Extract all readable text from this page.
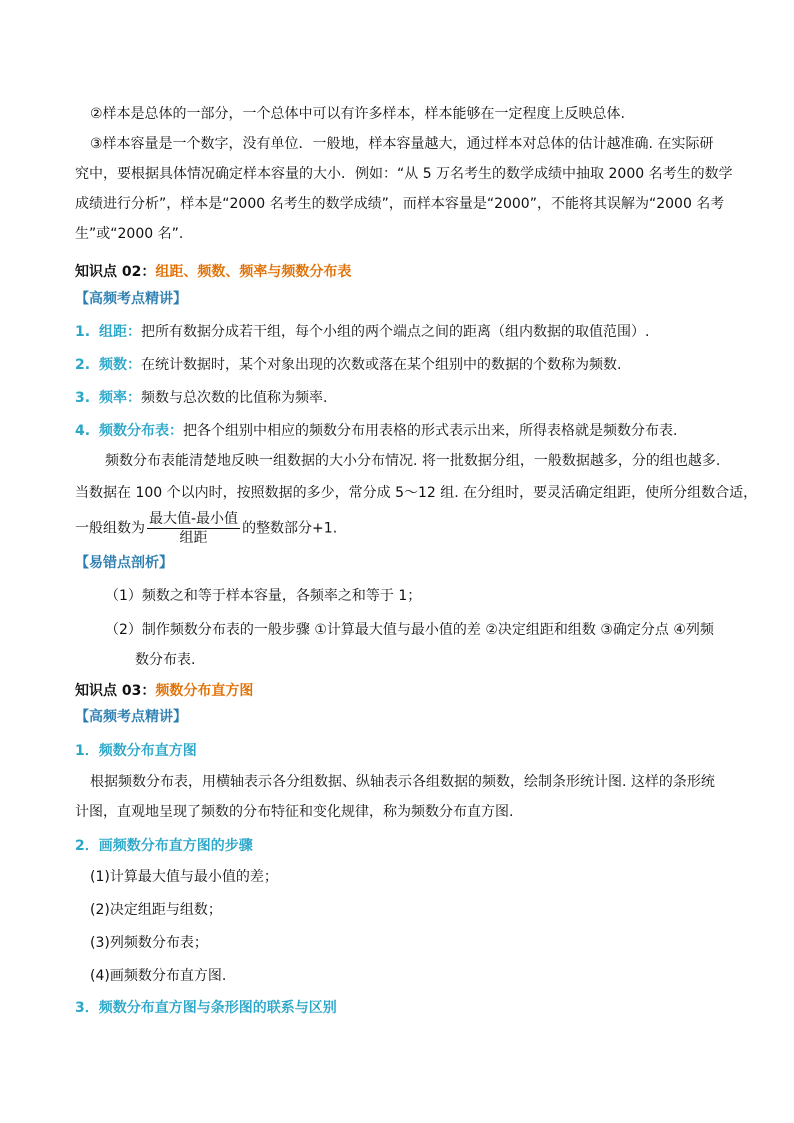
②样本是总体的一部分，一个总体中可以有许多样本，样本能够在一定程度上反映总体.
③样本容量是一个数字，没有单位．一般地，样本容量越大，通过样本对总体的估计越准确. 在实际研
究中，要根据具体情况确定样本容量的大小．例如：“从 5 万名考生的数学成绩中抽取 2000 名考生的数学
成绩进行分析”，样本是“2000 名考生的数学成绩”，而样本容量是“2000”，不能将其误解为“2000 名考
生”或“2000 名”.
知识点 02：组距、频数、频率与频数分布表
【高频考点精讲】
1. 组距：把所有数据分成若干组，每个小组的两个端点之间的距离（组内数据的取值范围）.
2. 频数：在统计数据时，某个对象出现的次数或落在某个组别中的数据的个数称为频数.
3. 频率：频数与总次数的比值称为频率.
4. 频数分布表：把各个组别中相应的频数分布用表格的形式表示出来，所得表格就是频数分布表.
频数分布表能清楚地反映一组数据的大小分布情况. 将一批数据分组，一般数据越多，分的组也越多.
当数据在 100 个以内时，按照数据的多少，常分成 5～12 组. 在分组时，要灵活确定组距，使所分组数合适，
一般组数为 $\frac{\text{最大值-最小值}}{\text{组距}}$ 的整数部分+1.
【易错点剖析】
（1）频数之和等于样本容量，各频率之和等于 1；
（2）制作频数分布表的一般步骤 ①计算最大值与最小值的差 ②决定组距和组数 ③确定分点 ④列频
数分布表.
知识点 03：频数分布直方图
【高频考点精讲】
1．频数分布直方图
根据频数分布表，用横轴表示各分组数据、纵轴表示各组数据的频数，绘制条形统计图. 这样的条形统
计图，直观地呈现了频数的分布特征和变化规律，称为频数分布直方图.
2．画频数分布直方图的步骤
(1)计算最大值与最小值的差；
(2)决定组距与组数；
(3)列频数分布表；
(4)画频数分布直方图.
3．频数分布直方图与条形图的联系与区别
